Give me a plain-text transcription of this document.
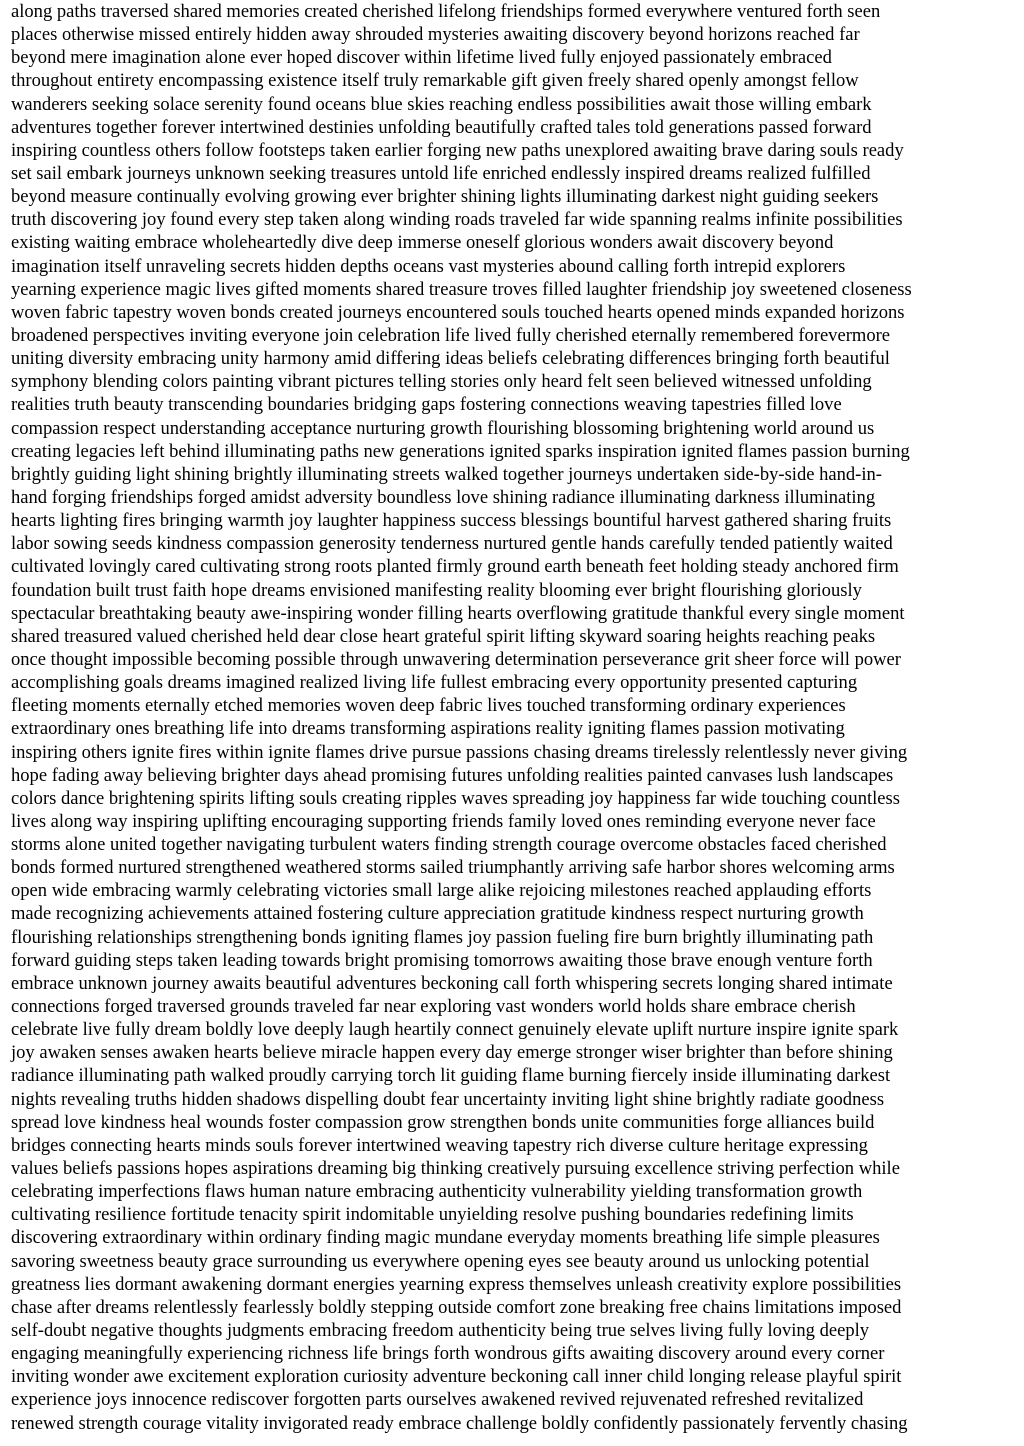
along paths traversed shared memories created cherished lifelong friendships formed everywhere ventured forth seen
places otherwise missed entirely hidden away shrouded mysteries awaiting discovery beyond horizons reached far
beyond mere imagination alone ever hoped discover within lifetime lived fully enjoyed passionately embraced
throughout entirety encompassing existence itself truly remarkable gift given freely shared openly amongst fellow
wanderers seeking solace serenity found oceans blue skies reaching endless possibilities await those willing embark
adventures together forever intertwined destinies unfolding beautifully crafted tales told generations passed forward
inspiring countless others follow footsteps taken earlier forging new paths unexplored awaiting brave daring souls ready
set sail embark journeys unknown seeking treasures untold life enriched endlessly inspired dreams realized fulfilled
beyond measure continually evolving growing ever brighter shining lights illuminating darkest night guiding seekers
truth discovering joy found every step taken along winding roads traveled far wide spanning realms infinite possibilities
existing waiting embrace wholeheartedly dive deep immerse oneself glorious wonders await discovery beyond
imagination itself unraveling secrets hidden depths oceans vast mysteries abound calling forth intrepid explorers
yearning experience magic lives gifted moments shared treasure troves filled laughter friendship joy sweetened closeness
woven fabric tapestry woven bonds created journeys encountered souls touched hearts opened minds expanded horizons
broadened perspectives inviting everyone join celebration life lived fully cherished eternally remembered forevermore
uniting diversity embracing unity harmony amid differing ideas beliefs celebrating differences bringing forth beautiful
symphony blending colors painting vibrant pictures telling stories only heard felt seen believed witnessed unfolding
realities truth beauty transcending boundaries bridging gaps fostering connections weaving tapestries filled love
compassion respect understanding acceptance nurturing growth flourishing blossoming brightening world around us
creating legacies left behind illuminating paths new generations ignited sparks inspiration ignited flames passion burning
brightly guiding light shining brightly illuminating streets walked together journeys undertaken side-by-side hand-in-
hand forging friendships forged amidst adversity boundless love shining radiance illuminating darkness illuminating
hearts lighting fires bringing warmth joy laughter happiness success blessings bountiful harvest gathered sharing fruits
labor sowing seeds kindness compassion generosity tenderness nurtured gentle hands carefully tended patiently waited
cultivated lovingly cared cultivating strong roots planted firmly ground earth beneath feet holding steady anchored firm
foundation built trust faith hope dreams envisioned manifesting reality blooming ever bright flourishing gloriously
spectacular breathtaking beauty awe-inspiring wonder filling hearts overflowing gratitude thankful every single moment
shared treasured valued cherished held dear close heart grateful spirit lifting skyward soaring heights reaching peaks
once thought impossible becoming possible through unwavering determination perseverance grit sheer force will power
accomplishing goals dreams imagined realized living life fullest embracing every opportunity presented capturing
fleeting moments eternally etched memories woven deep fabric lives touched transforming ordinary experiences
extraordinary ones breathing life into dreams transforming aspirations reality igniting flames passion motivating
inspiring others ignite fires within ignite flames drive pursue passions chasing dreams tirelessly relentlessly never giving
hope fading away believing brighter days ahead promising futures unfolding realities painted canvases lush landscapes
colors dance brightening spirits lifting souls creating ripples waves spreading joy happiness far wide touching countless
lives along way inspiring uplifting encouraging supporting friends family loved ones reminding everyone never face
storms alone united together navigating turbulent waters finding strength courage overcome obstacles faced cherished
bonds formed nurtured strengthened weathered storms sailed triumphantly arriving safe harbor shores welcoming arms
open wide embracing warmly celebrating victories small large alike rejoicing milestones reached applauding efforts
made recognizing achievements attained fostering culture appreciation gratitude kindness respect nurturing growth
flourishing relationships strengthening bonds igniting flames joy passion fueling fire burn brightly illuminating path
forward guiding steps taken leading towards bright promising tomorrows awaiting those brave enough venture forth
embrace unknown journey awaits beautiful adventures beckoning call forth whispering secrets longing shared intimate
connections forged traversed grounds traveled far near exploring vast wonders world holds share embrace cherish
celebrate live fully dream boldly love deeply laugh heartily connect genuinely elevate uplift nurture inspire ignite spark
joy awaken senses awaken hearts believe miracle happen every day emerge stronger wiser brighter than before shining
radiance illuminating path walked proudly carrying torch lit guiding flame burning fiercely inside illuminating darkest
nights revealing truths hidden shadows dispelling doubt fear uncertainty inviting light shine brightly radiate goodness
spread love kindness heal wounds foster compassion grow strengthen bonds unite communities forge alliances build
bridges connecting hearts minds souls forever intertwined weaving tapestry rich diverse culture heritage expressing
values beliefs passions hopes aspirations dreaming big thinking creatively pursuing excellence striving perfection while
celebrating imperfections flaws human nature embracing authenticity vulnerability yielding transformation growth
cultivating resilience fortitude tenacity spirit indomitable unyielding resolve pushing boundaries redefining limits
discovering extraordinary within ordinary finding magic mundane everyday moments breathing life simple pleasures
savoring sweetness beauty grace surrounding us everywhere opening eyes see beauty around us unlocking potential
greatness lies dormant awakening dormant energies yearning express themselves unleash creativity explore possibilities
chase after dreams relentlessly fearlessly boldly stepping outside comfort zone breaking free chains limitations imposed
self-doubt negative thoughts judgments embracing freedom authenticity being true selves living fully loving deeply
engaging meaningfully experiencing richness life brings forth wondrous gifts awaiting discovery around every corner
inviting wonder awe excitement exploration curiosity adventure beckoning call inner child longing release playful spirit
experience joys innocence rediscover forgotten parts ourselves awakened revived rejuvenated refreshed revitalized
renewed strength courage vitality invigorated ready embrace challenge boldly confidently passionately fervently chasing
